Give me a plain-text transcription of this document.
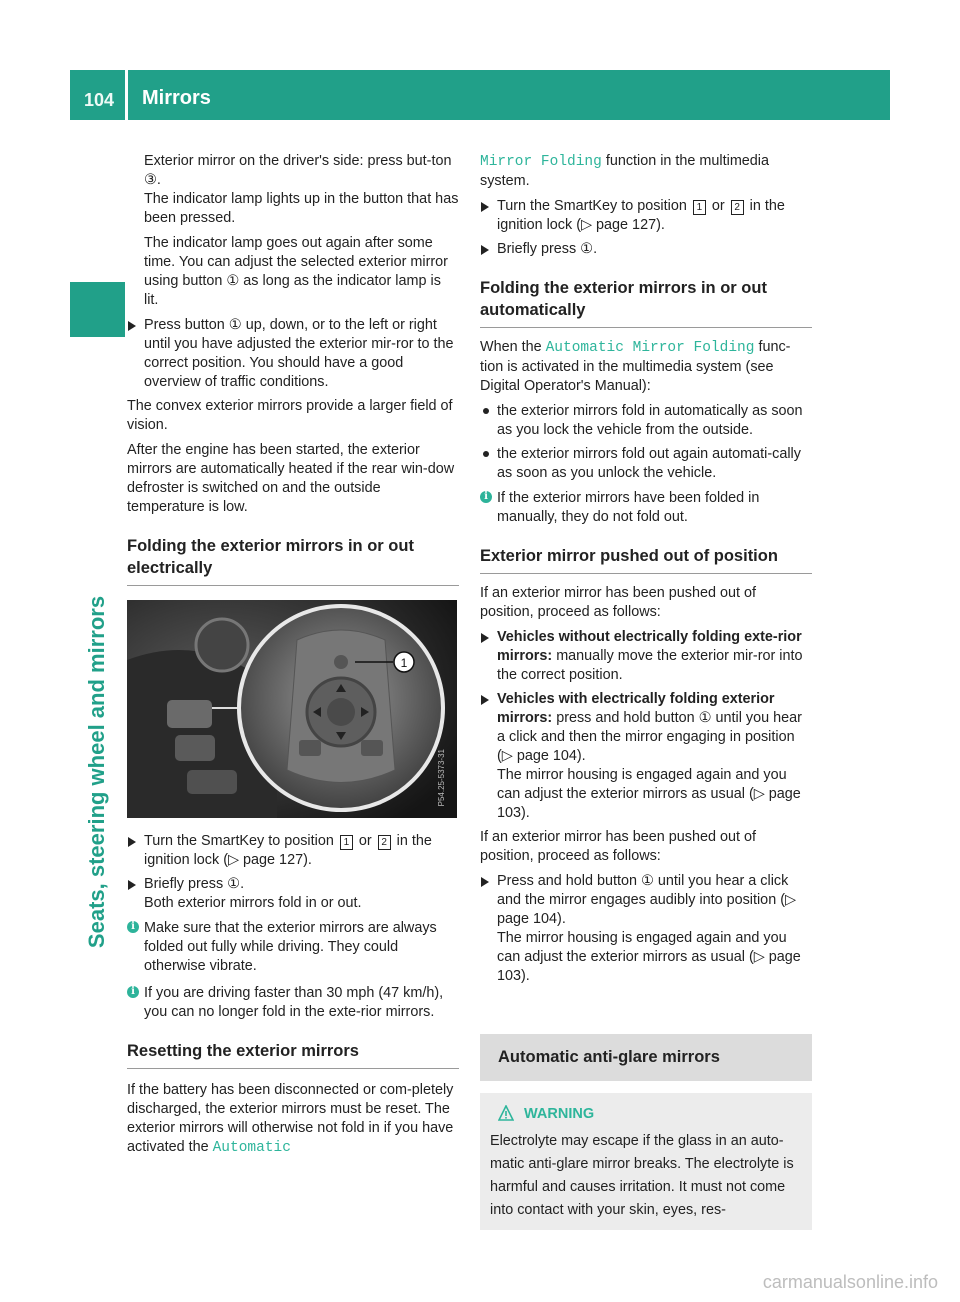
104 Mirrors
Seats, steering wheel and mirrors
Exterior mirror on the driver's side: press but-ton ③.
The indicator lamp lights up in the button that has been pressed.
The indicator lamp goes out again after some time. You can adjust the selected exterior mirror using button ① as long as the indicator lamp is lit.
Press button ① up, down, or to the left or right until you have adjusted the exterior mir-ror to the correct position. You should have a good overview of traffic conditions.
The convex exterior mirrors provide a larger field of vision.
After the engine has been started, the exterior mirrors are automatically heated if the rear win-dow defroster is switched on and the outside temperature is low.
Folding the exterior mirrors in or out electrically
1
P54.25-5373-31
Turn the SmartKey to position 1 or 2 in the ignition lock (▷ page 127).
Briefly press ①.
Both exterior mirrors fold in or out.
i Make sure that the exterior mirrors are always folded out fully while driving. They could otherwise vibrate.
i If you are driving faster than 30 mph (47 km/h), you can no longer fold in the exte-rior mirrors.
Resetting the exterior mirrors
If the battery has been disconnected or com-pletely discharged, the exterior mirrors must be reset. The exterior mirrors will otherwise not fold in if you have activated the Automatic
Mirror Folding function in the multimedia system.
Turn the SmartKey to position 1 or 2 in the ignition lock (▷ page 127).
Briefly press ①.
Folding the exterior mirrors in or out automatically
When the Automatic Mirror Folding func-tion is activated in the multimedia system (see Digital Operator's Manual):
the exterior mirrors fold in automatically as soon as you lock the vehicle from the outside.
the exterior mirrors fold out again automati-cally as soon as you unlock the vehicle.
i If the exterior mirrors have been folded in manually, they do not fold out.
Exterior mirror pushed out of position
If an exterior mirror has been pushed out of position, proceed as follows:
Vehicles without electrically folding exte-rior mirrors: manually move the exterior mir-ror into the correct position.
Vehicles with electrically folding exterior mirrors: press and hold button ① until you hear a click and then the mirror engaging in position (▷ page 104).
The mirror housing is engaged again and you can adjust the exterior mirrors as usual (▷ page 103).
If an exterior mirror has been pushed out of position, proceed as follows:
Press and hold button ① until you hear a click and the mirror engages audibly into position (▷ page 104).
The mirror housing is engaged again and you can adjust the exterior mirrors as usual (▷ page 103).
Automatic anti-glare mirrors
WARNING
Electrolyte may escape if the glass in an auto-matic anti-glare mirror breaks. The electrolyte is harmful and causes irritation. It must not come into contact with your skin, eyes, res-
carmanualsonline.info
